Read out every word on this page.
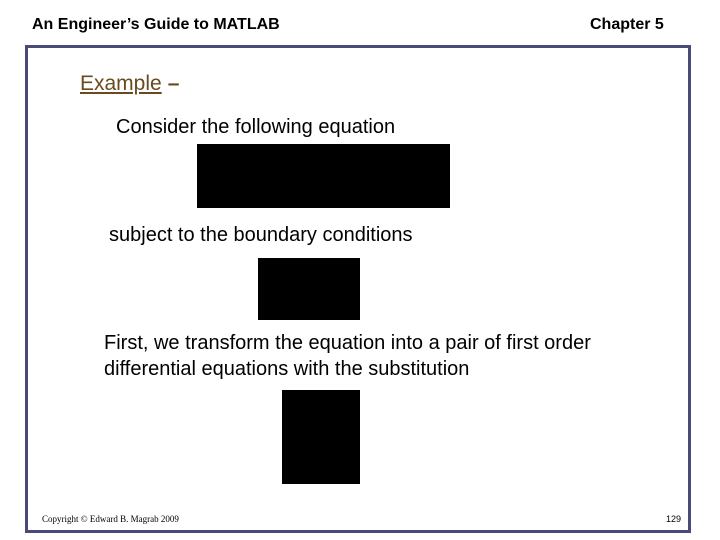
An Engineer’s Guide to MATLAB	Chapter 5
Example –
Consider the following equation
subject to the boundary conditions
First, we transform the equation into a pair of first order differential equations with the substitution
Copyright © Edward B. Magrab 2009	129
